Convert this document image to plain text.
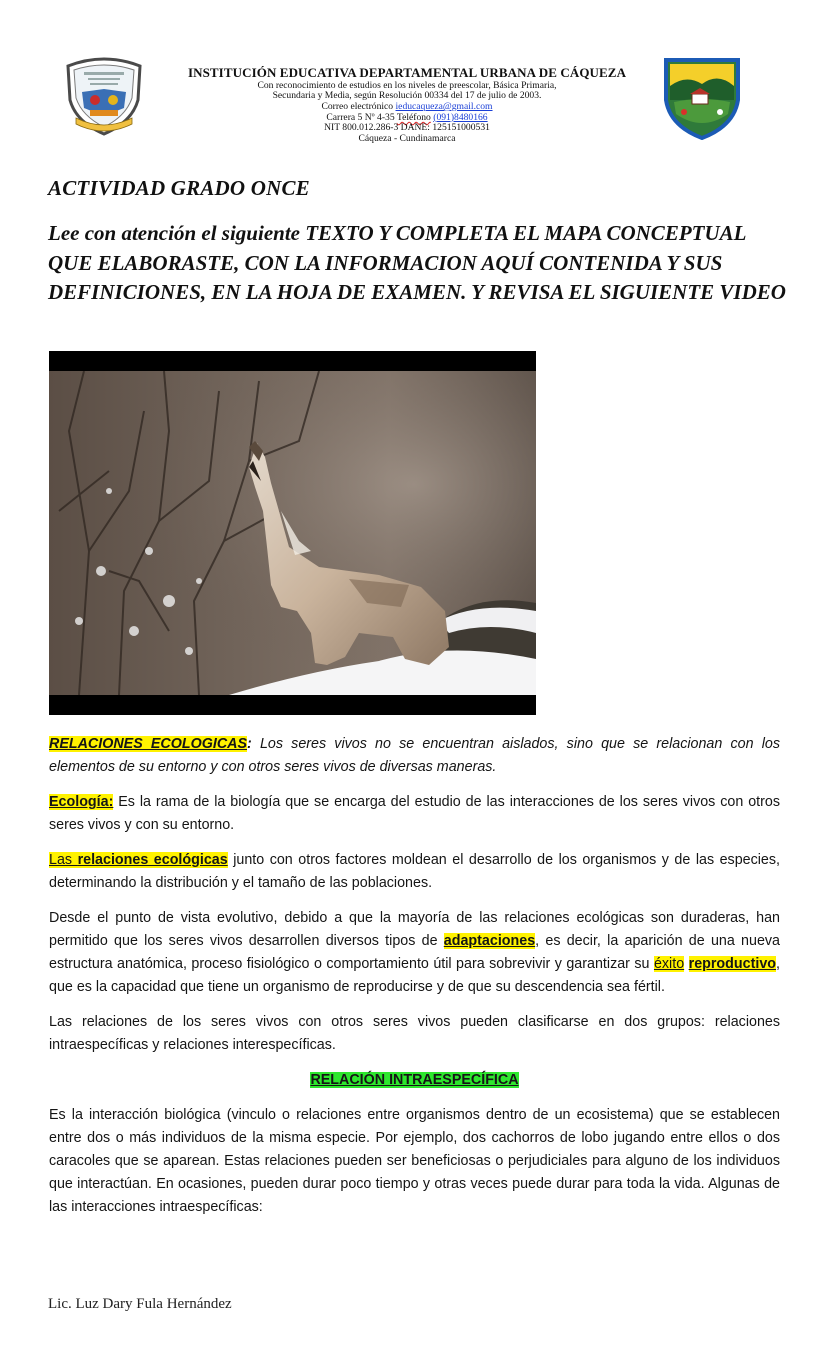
INSTITUCIÓN EDUCATIVA DEPARTAMENTAL URBANA DE CÁQUEZA
Con reconocimiento de estudios en los niveles de preescolar, Básica Primaria,
Secundaria y Media, según Resolución 00334 del 17 de julio de 2003.
Correo electrónico ieducaqueza@gmail.com
Carrera 5 Nº 4-35 Teléfono (091)8480166
NIT 800.012.286-3 DANE: 125151000531
Cáqueza - Cundinamarca
ACTIVIDAD GRADO ONCE
Lee con atención el siguiente TEXTO Y COMPLETA EL MAPA CONCEPTUAL QUE ELABORASTE, CON LA INFORMACION AQUÍ CONTENIDA Y SUS DEFINICIONES, EN LA HOJA DE EXAMEN. Y REVISA EL SIGUIENTE VIDEO

RELACIONES ECOLOGICAS: Los seres vivos no se encuentran aislados, sino que se relacionan con los elementos de su entorno y con otros seres vivos de diversas maneras.

Ecología: Es la rama de la biología que se encarga del estudio de las interacciones de los seres vivos con otros seres vivos y con su entorno.

Las relaciones ecológicas junto con otros factores moldean el desarrollo de los organismos y de las especies, determinando la distribución y el tamaño de las poblaciones.

Desde el punto de vista evolutivo, debido a que la mayoría de las relaciones ecológicas son duraderas, han permitido que los seres vivos desarrollen diversos tipos de adaptaciones, es decir, la aparición de una nueva estructura anatómica, proceso fisiológico o comportamiento útil para sobrevivir y garantizar su éxito reproductivo, que es la capacidad que tiene un organismo de reproducirse y de que su descendencia sea fértil.

Las relaciones de los seres vivos con otros seres vivos pueden clasificarse en dos grupos: relaciones intraespecíficas y relaciones interespecíficas.

RELACIÓN INTRAESPECÍFICA

Es la interacción biológica (vinculo o relaciones entre organismos dentro de un ecosistema) que se establecen entre dos o más individuos de la misma especie. Por ejemplo, dos cachorros de lobo jugando entre ellos o dos caracoles que se aparean. Estas relaciones pueden ser beneficiosas o perjudiciales para alguno de los individuos que interactúan. En ocasiones, pueden durar poco tiempo y otras veces puede durar para toda la vida. Algunas de las interacciones intraespecíficas:

Lic. Luz Dary Fula Hernández
